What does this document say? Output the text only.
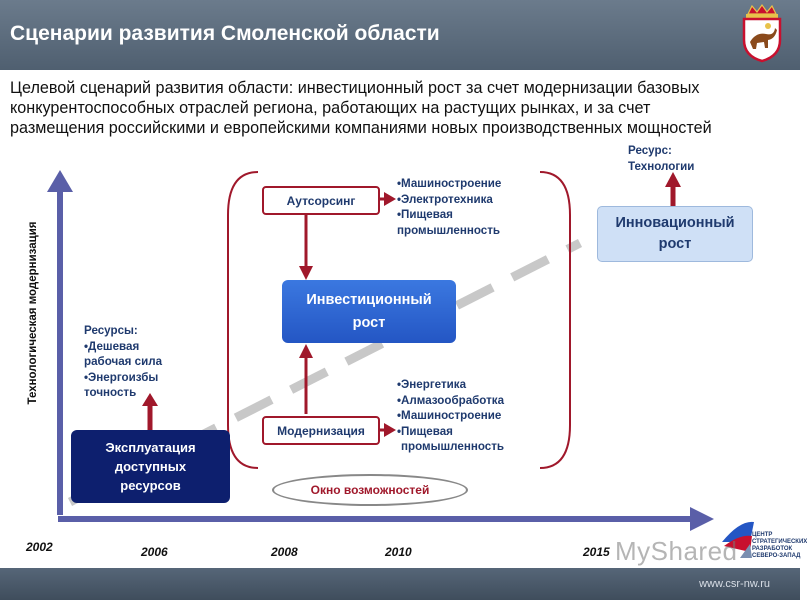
Сценарии развития Смоленской области
Целевой сценарий развития области: инвестиционный рост за счет модернизации базовых
конкурентоспособных отраслей региона, работающих на растущих рынках, и за счет
размещения российскими и европейскими компаниями новых производственных мощностей
Технологическая модернизация	Ресурсы:
•Дешевая
рабочая сила
•Энергоизбы
точность
Эксплуатация
доступных
ресурсов
Аутсорсинг
Модернизация
Инвестиционный
рост
Инновационный
рост
•Машиностроение
•Электротехника
•Пищевая
промышленность
•Энергетика
•Алмазообработка
•Машиностроение
•Пищевая
промышленность
Ресурс:
Технологии
Окно возможностей
2002	2006	2008	2010	2015
ЦЕНТР
СТРАТЕГИЧЕСКИХ
РАЗРАБОТОК
СЕВЕРО-ЗАПАД
MyShared
www.csr-nw.ru
